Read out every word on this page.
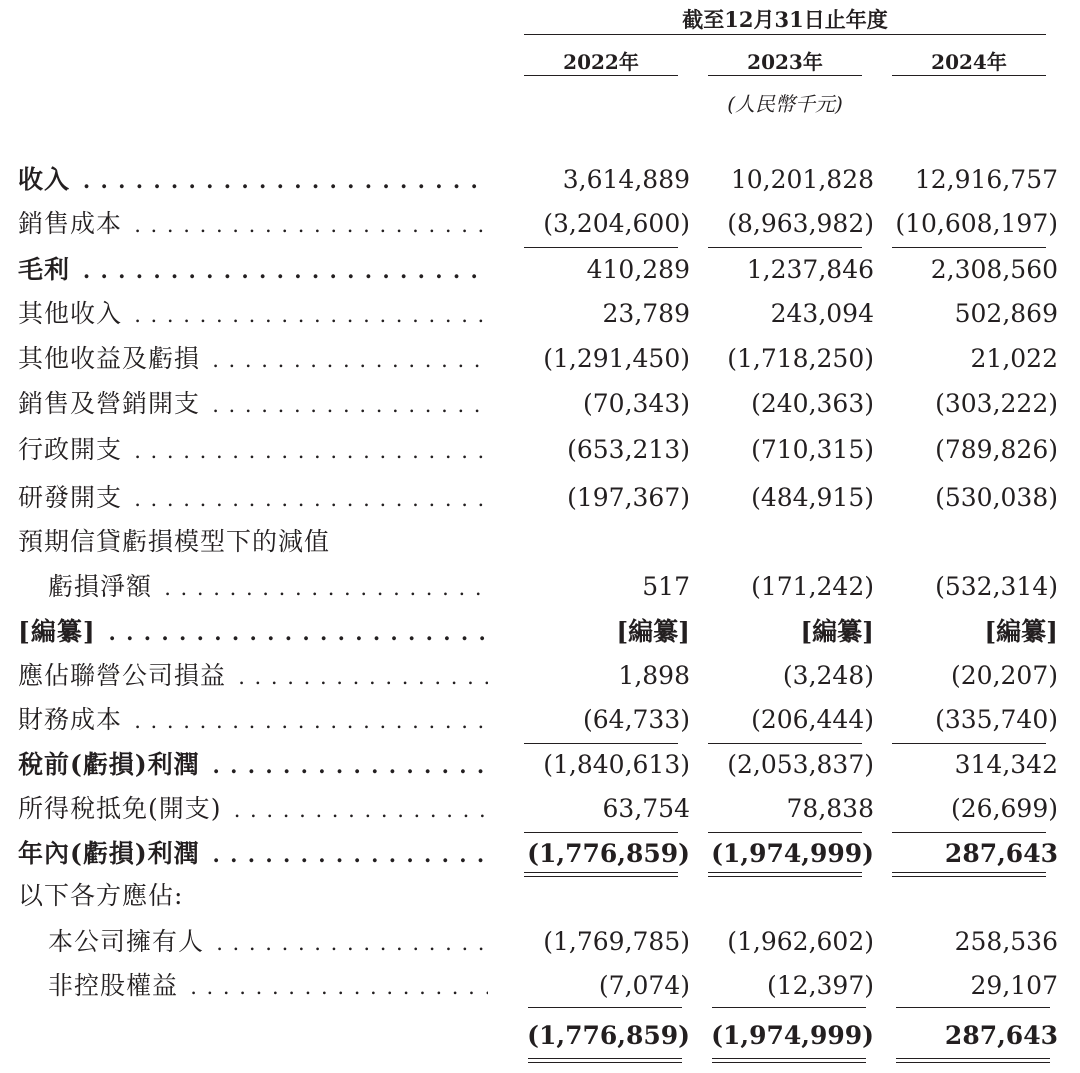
截至12月31日止年度
2022年	2023年	2024年
(人民幣千元)
收入 . . .	3,614,889	10,201,828	12,916,757
銷售成本 . . .	(3,204,600)	(8,963,982) (10,608,197)
毛利 . . .	410,289	1,237,846	2,308,560
其他收入 . . .	23,789	243,094	502,869
其他收益及虧損 . . .	(1,291,450)	(1,718,250)	21,022
銷售及營銷開支 . . .	(70,343)	(240,363)	(303,222)
行政開支 . . .	(653,213)	(710,315)	(789,826)
研發開支 . . .	(197,367)	(484,915)	(530,038)
預期信貸虧損模型下的減值
虧損淨額 . . .	517	(171,242)	(532,314)
[編纂] . . .	[編纂]	[編纂]	[編纂]
應佔聯營公司損益 . . .	1,898	(3,248)	(20,207)
財務成本 . . .	(64,733)	(206,444)	(335,740)
稅前(虧損)利潤 . . .	(1,840,613)	(2,053,837)	314,342
所得稅抵免(開支) . . .	63,754	78,838	(26,699)
年內(虧損)利潤 . . .	(1,776,859) (1,974,999)	287,643
以下各方應佔:
本公司擁有人 . . .	(1,769,785)	(1,962,602)	258,536
非控股權益 . . .	(7,074)	(12,397)	29,107
(1,776,859) (1,974,999)	287,643
